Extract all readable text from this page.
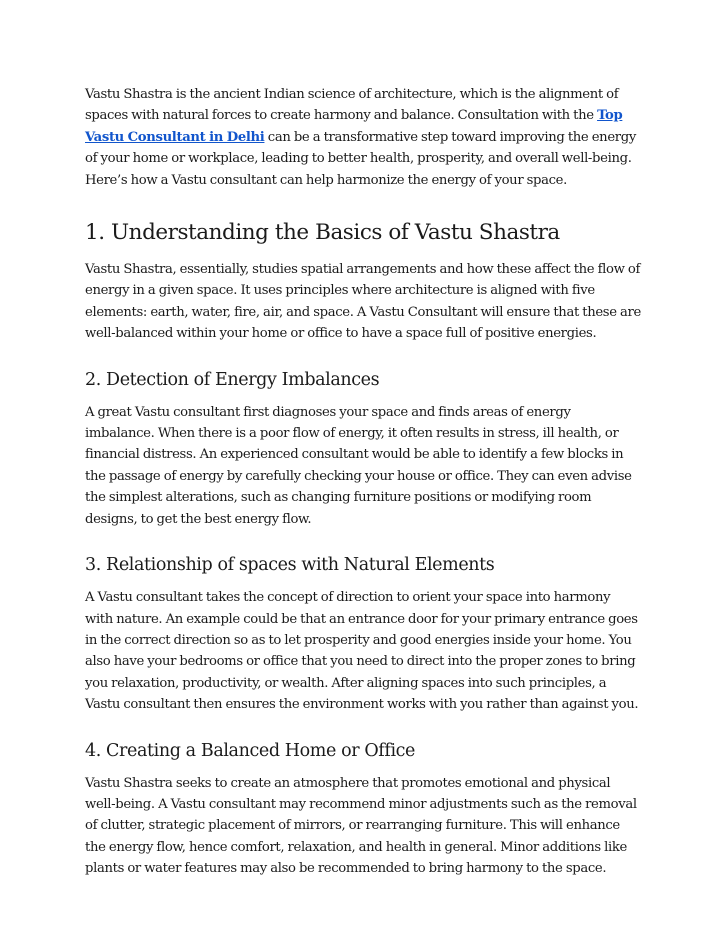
Vastu Shastra is the ancient Indian science of architecture, which is the alignment of spaces with natural forces to create harmony and balance. Consultation with the Top Vastu Consultant in Delhi can be a transformative step toward improving the energy of your home or workplace, leading to better health, prosperity, and overall well-being. Here’s how a Vastu consultant can help harmonize the energy of your space.

1. Understanding the Basics of Vastu Shastra

Vastu Shastra, essentially, studies spatial arrangements and how these affect the flow of energy in a given space. It uses principles where architecture is aligned with five elements: earth, water, fire, air, and space. A Vastu Consultant will ensure that these are well-balanced within your home or office to have a space full of positive energies.

2. Detection of Energy Imbalances

A great Vastu consultant first diagnoses your space and finds areas of energy imbalance. When there is a poor flow of energy, it often results in stress, ill health, or financial distress. An experienced consultant would be able to identify a few blocks in the passage of energy by carefully checking your house or office. They can even advise the simplest alterations, such as changing furniture positions or modifying room designs, to get the best energy flow.

3. Relationship of spaces with Natural Elements

A Vastu consultant takes the concept of direction to orient your space into harmony with nature. An example could be that an entrance door for your primary entrance goes in the correct direction so as to let prosperity and good energies inside your home. You also have your bedrooms or office that you need to direct into the proper zones to bring you relaxation, productivity, or wealth. After aligning spaces into such principles, a Vastu consultant then ensures the environment works with you rather than against you.

4. Creating a Balanced Home or Office

Vastu Shastra seeks to create an atmosphere that promotes emotional and physical well-being. A Vastu consultant may recommend minor adjustments such as the removal of clutter, strategic placement of mirrors, or rearranging furniture. This will enhance the energy flow, hence comfort, relaxation, and health in general. Minor additions like plants or water features may also be recommended to bring harmony to the space.
